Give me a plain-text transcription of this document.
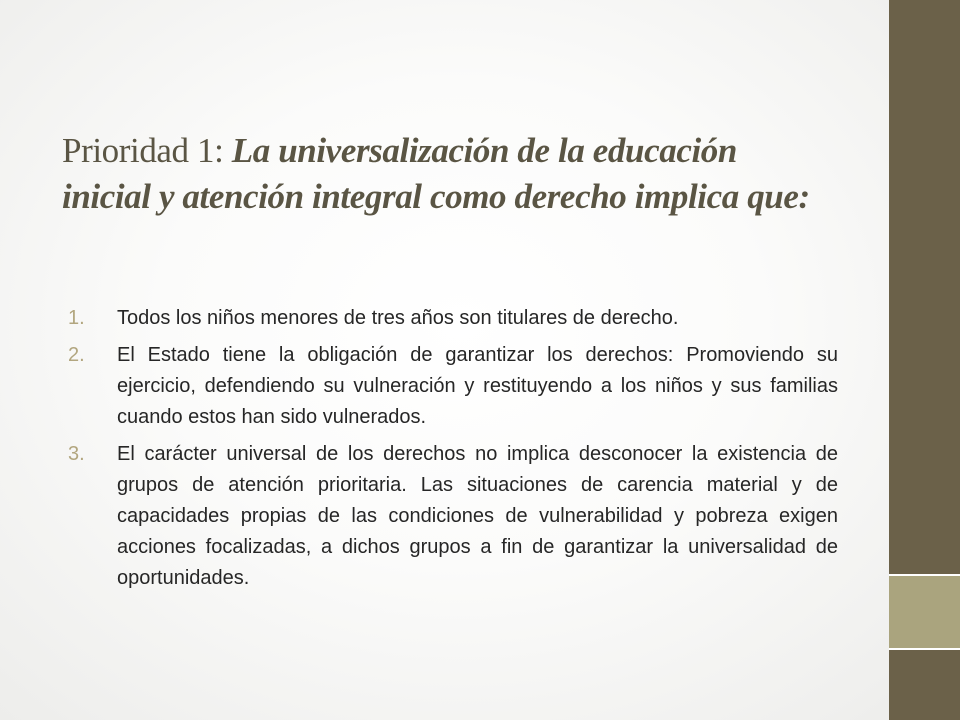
Prioridad 1: La universalización de la educación inicial y atención integral como derecho implica que:
1. Todos los niños menores de tres años son titulares de derecho.
2. El Estado tiene la obligación de garantizar los derechos: Promoviendo su ejercicio, defendiendo su vulneración y restituyendo a los niños y sus familias cuando estos han sido vulnerados.
3. El carácter universal de los derechos no implica desconocer la existencia de grupos de atención prioritaria. Las situaciones de carencia material y de capacidades propias de las condiciones de vulnerabilidad y pobreza exigen acciones focalizadas, a dichos grupos a fin de garantizar la universalidad de oportunidades.
